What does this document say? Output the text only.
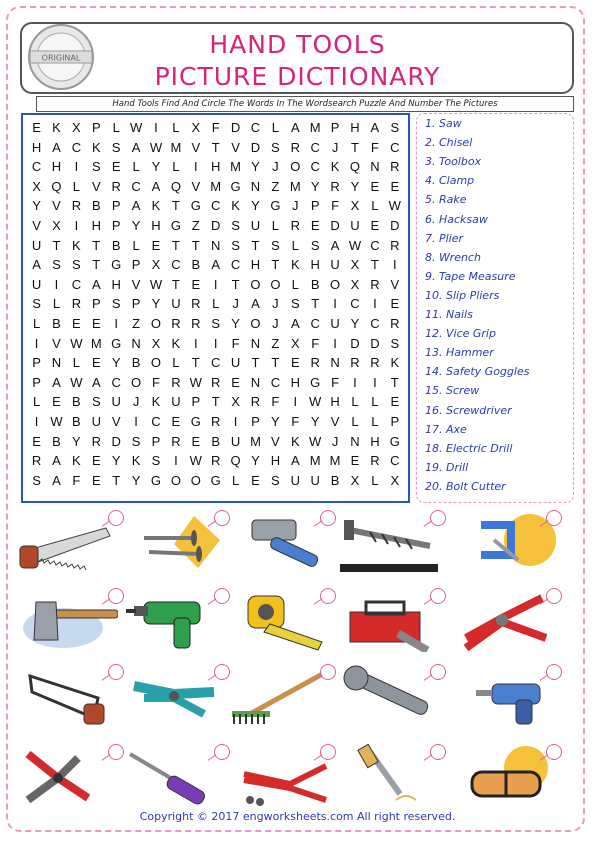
ORIGINAL	HAND TOOLS
PICTURE DICTIONARY
Hand Tools Find And Circle The Words In The Wordsearch Puzzle And Number The Pictures
E K X P L W I	L X F D C L A M P H A S
H A C K S A W M V T V D S R C J T F C
C H	I	S E L Y L	I	H M Y J O C K Q N R
X Q L V R C A Q V M G N Z M Y R Y E E
Y V R B P A K T G C K Y G J P F X L W
V X	I	H P Y H G Z D S U L R E D U E D
U T K T B L E T T N S T S L S A W C R
A S S T G P X C B A C H T K H U X T	I
U	I	C A H V W T E	I	T O O L B O X R V
S L R P S P Y U R L	J A J S T	I	C	I	E
L B E E	I	Z O R R S Y O J A C U Y C R
I	V W M G N X K	I	I	F N Z X F	I	D D S
P N L E Y B O L T C U T T E R N R R K
P A W A C O F R W R E N C H G F	I	I	T
L E B S U J K U P T X R F	I W H L L E
I W B U V	I	C E G R	I	P Y F Y V L L P
E B Y R D S P R E B U M V K W J N H G
R A K E Y K S	I W R Q Y H A M M E R C
S A F E T Y G O O G L E S U U B X L X
1. Saw
2. Chisel
3. Toolbox
4. Clamp
5. Rake
6. Hacksaw
7. Plier
8. Wrench
9. Tape Measure
10. Slip Pliers
11. Nails
12. Vice Grip
13. Hammer
14. Safety Goggles
15. Screw
16. Screwdriver
17. Axe
18. Electric Drill
19. Drill
20. Bolt Cutter
Copyright © 2017 engworksheets.com All right reserved.
